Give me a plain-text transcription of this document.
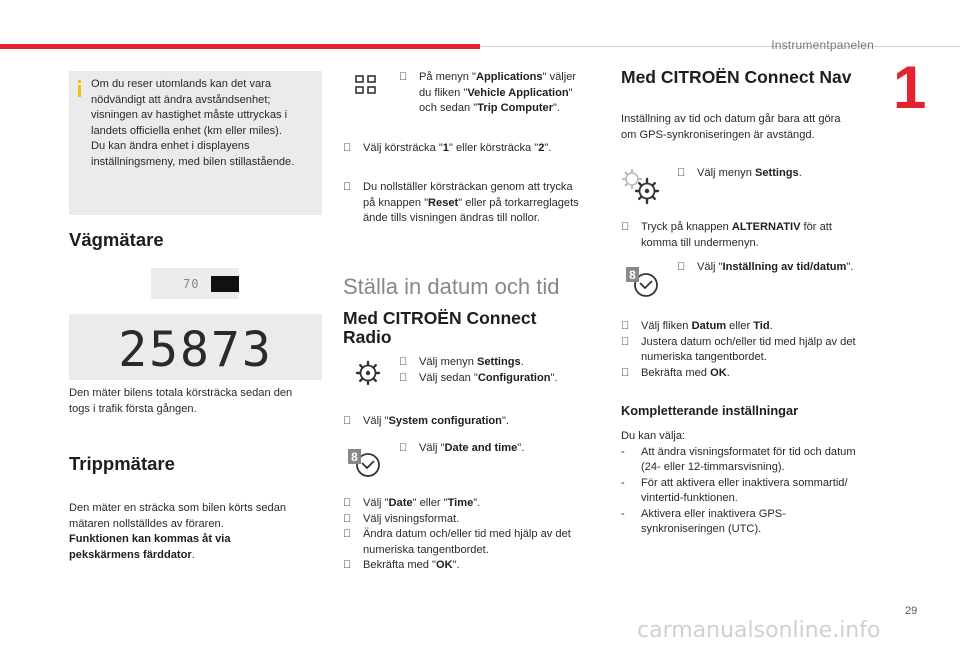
Instrumentpanelen
1
Om du reser utomlands kan det vara
nödvändigt att ändra avståndsenhet;
visningen av hastighet måste uttryckas i
landets officiella enhet (km eller miles).
Du kan ändra enhet i displayens
inställningsmeny, med bilen stillastående.
Vägmätare
70
25873
Den mäter bilens totala körsträcka sedan den
togs i trafik första gången.
Trippmätare
Den mäter en sträcka som bilen körts sedan
mätaren nollställdes av föraren.
Funktionen kan kommas åt via
pekskärmens färddator.
På menyn "Applications" väljer
du fliken "Vehicle Application"
och sedan "Trip Computer".
Välj körsträcka "1" eller körsträcka "2".
Du nollställer körsträckan genom att trycka
på knappen "Reset" eller på torkarreglagets
ände tills visningen ändras till nollor.
Ställa in datum och tid
Med CITROËN Connect
Radio
Välj menyn Settings.
Välj sedan "Configuration".
Välj "System configuration".
8
Välj "Date and time".
Välj "Date" eller "Time".
Välj visningsformat.
Ändra datum och/eller tid med hjälp av det
numeriska tangentbordet.
Bekräfta med "OK".
Med CITROËN Connect Nav
Inställning av tid och datum går bara att göra
om GPS-synkroniseringen är avstängd.
Välj menyn Settings.
Tryck på knappen ALTERNATIV för att
komma till undermenyn.
8
Välj "Inställning av tid/datum".
Välj fliken Datum eller Tid.
Justera datum och/eller tid med hjälp av det
numeriska tangentbordet.
Bekräfta med OK.
Kompletterande inställningar
Du kan välja:
- Att ändra visningsformatet för tid och datum
(24- eller 12-timmarsvisning).
- För att aktivera eller inaktivera sommartid/
vintertid-funktionen.
- Aktivera eller inaktivera GPS-
synkroniseringen (UTC).
29
carmanualsonline.info
